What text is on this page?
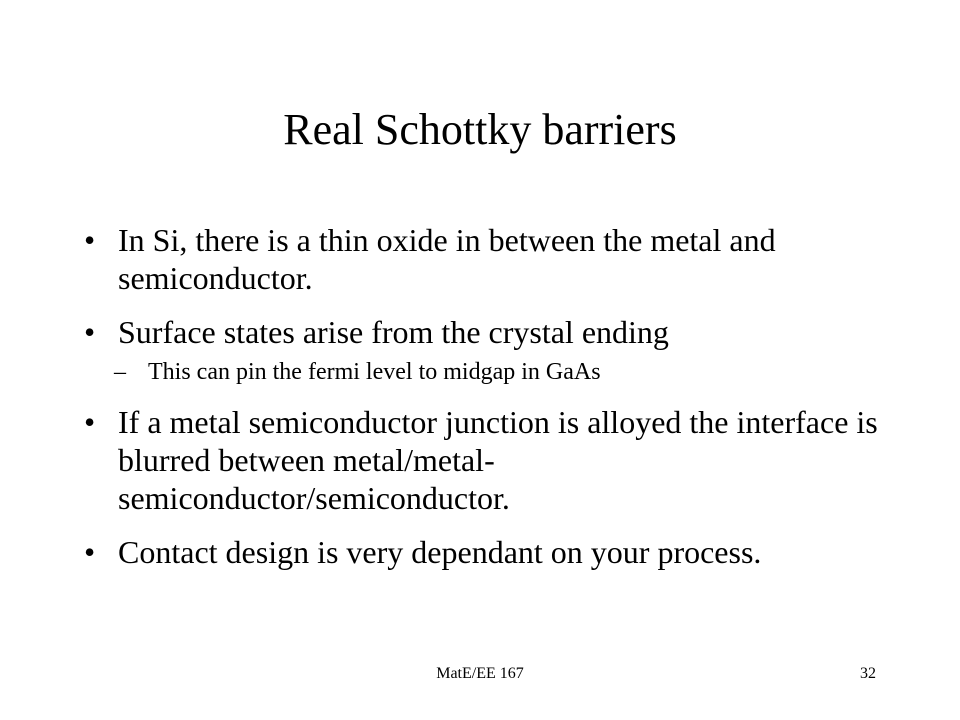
Real Schottky barriers
• In Si, there is a thin oxide in between the metal and semiconductor.
• Surface states arise from the crystal ending
– This can pin the fermi level to midgap in GaAs
• If a metal semiconductor junction is alloyed the interface is blurred between metal/metal-semiconductor/semiconductor.
• Contact design is very dependant on your process.
MatE/EE 167	32
